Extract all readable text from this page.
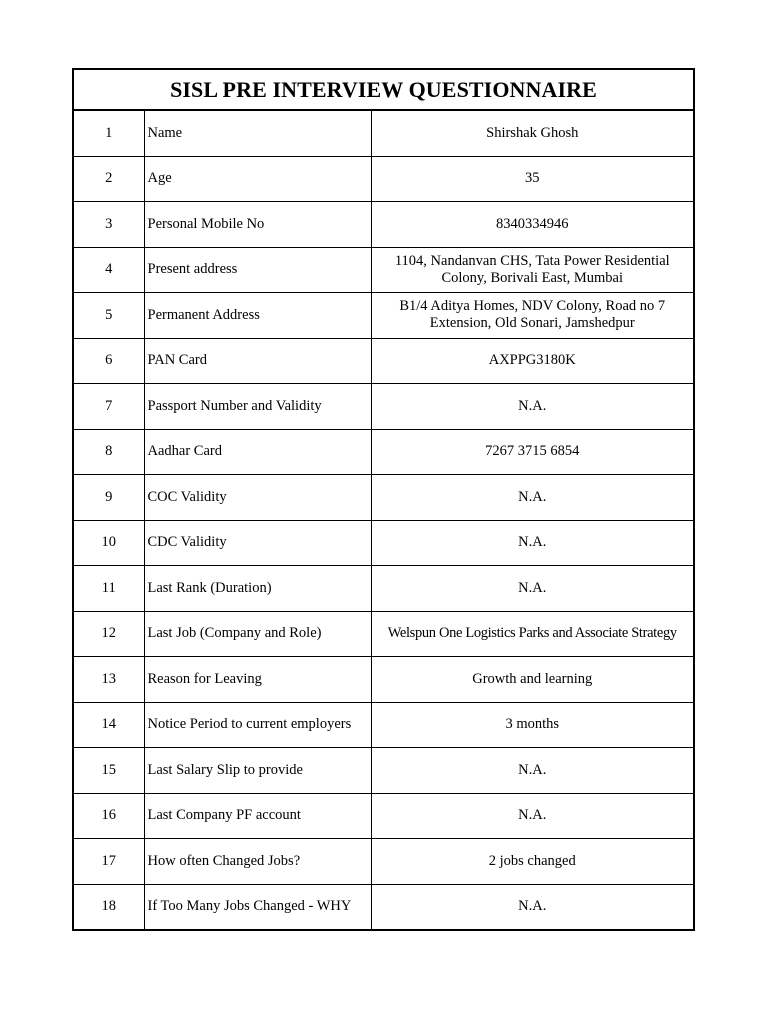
SISL PRE INTERVIEW QUESTIONNAIRE		
1	Name	Shirshak Ghosh
2	Age	35
3	Personal Mobile No	8340334946
4	Present address	1104, Nandanvan CHS, Tata Power Residential Colony, Borivali East, Mumbai
5	Permanent Address	B1/4 Aditya Homes, NDV Colony, Road no 7 Extension, Old Sonari, Jamshedpur
6	PAN Card	AXPPG3180K
7	Passport Number and Validity	N.A.
8	Aadhar Card	7267 3715 6854
9	COC Validity	N.A.
10	CDC Validity	N.A.
11	Last Rank (Duration)	N.A.
12	Last Job (Company and Role)	Welspun One Logistics Parks and Associate Strategy
13	Reason for Leaving	Growth and learning
14	Notice Period to current employers	3 months
15	Last Salary Slip to provide	N.A.
16	Last Company PF account	N.A.
17	How often Changed Jobs?	2 jobs changed
18	If Too Many Jobs Changed - WHY	N.A.
